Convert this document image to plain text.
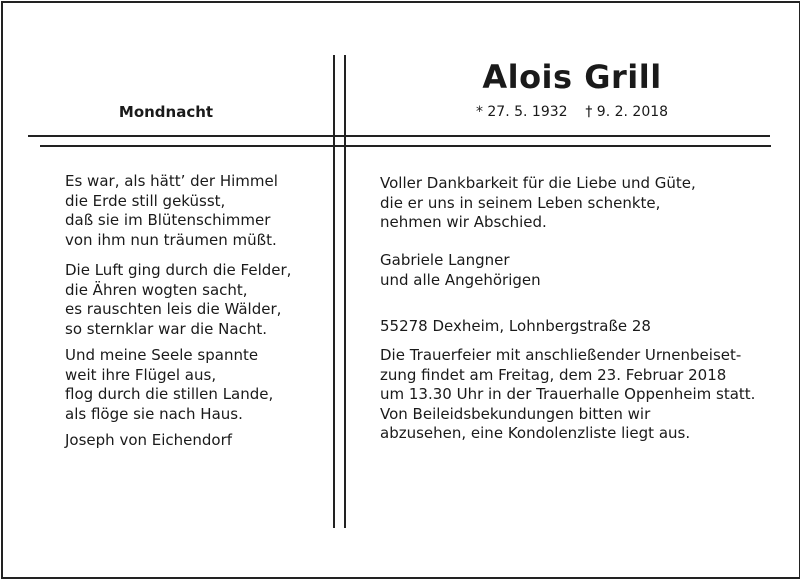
Mondnacht
Alois Grill
* 27. 5. 1932 † 9. 2. 2018

Es war, als hätt’ der Himmel
die Erde still geküsst,
daß sie im Blütenschimmer
von ihm nun träumen müßt.

Die Luft ging durch die Felder,
die Ähren wogten sacht,
es rauschten leis die Wälder,
so sternklar war die Nacht.

Und meine Seele spannte
weit ihre Flügel aus,
flog durch die stillen Lande,
als flöge sie nach Haus.

Joseph von Eichendorf

Voller Dankbarkeit für die Liebe und Güte,
die er uns in seinem Leben schenkte,
nehmen wir Abschied.

Gabriele Langner
und alle Angehörigen

55278 Dexheim, Lohnbergstraße 28

Die Trauerfeier mit anschließender Urnenbeiset-
zung findet am Freitag, dem 23. Februar 2018
um 13.30 Uhr in der Trauerhalle Oppenheim statt.
Von Beileidsbekundungen bitten wir
abzusehen, eine Kondolenzliste liegt aus.
